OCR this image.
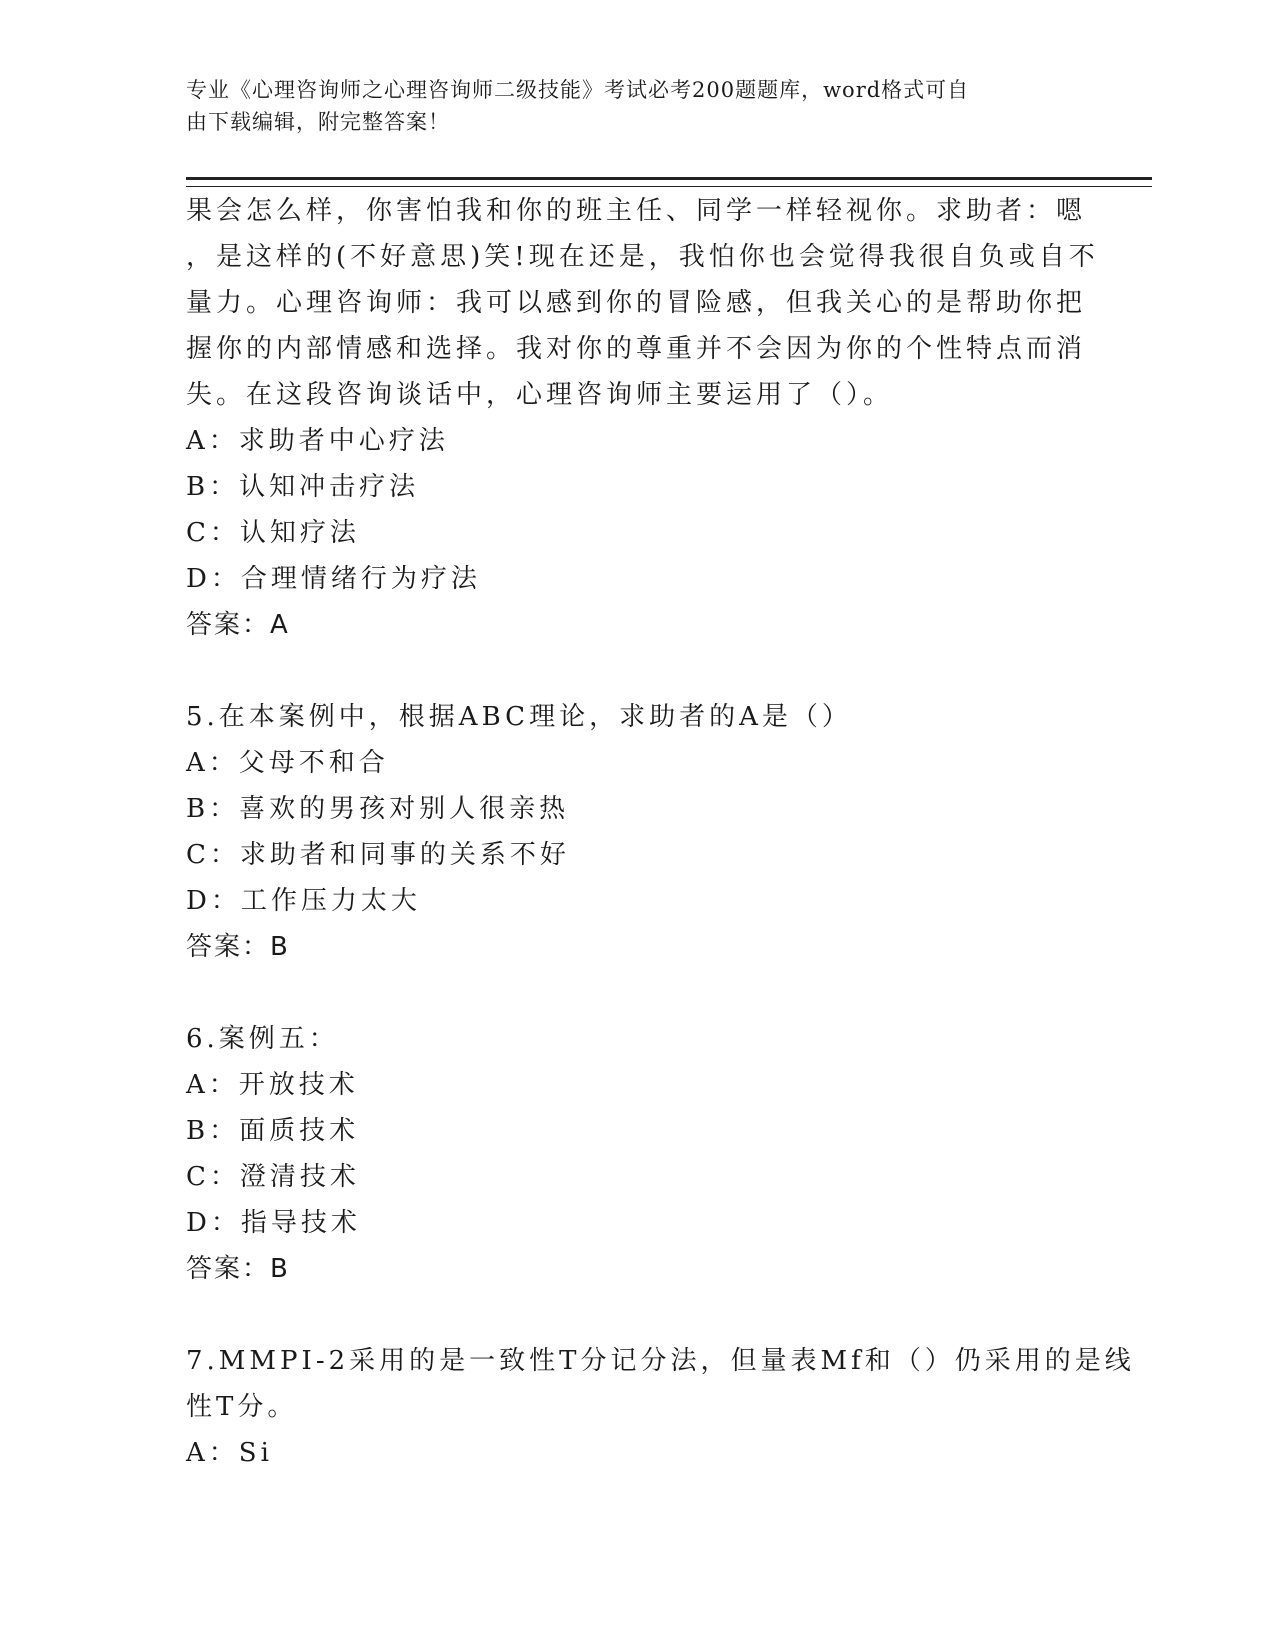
专业《心理咨询师之心理咨询师二级技能》考试必考200题题库，word格式可自
由下载编辑，附完整答案！
果会怎么样，你害怕我和你的班主任、同学一样轻视你。求助者：嗯
，是这样的(不好意思)笑!现在还是，我怕你也会觉得我很自负或自不
量力。心理咨询师：我可以感到你的冒险感，但我关心的是帮助你把
握你的内部情感和选择。我对你的尊重并不会因为你的个性特点而消
失。在这段咨询谈话中，心理咨询师主要运用了（）。
A：求助者中心疗法
B：认知冲击疗法
C：认知疗法
D：合理情绪行为疗法
答案：A
5.在本案例中，根据ABC理论，求助者的A是（）
A：父母不和合
B：喜欢的男孩对别人很亲热
C：求助者和同事的关系不好
D：工作压力太大
答案：B
6.案例五：
A：开放技术
B：面质技术
C：澄清技术
D：指导技术
答案：B
7.MMPI-2采用的是一致性T分记分法，但量表Mf和（）仍采用的是线
性T分。
A：Si
